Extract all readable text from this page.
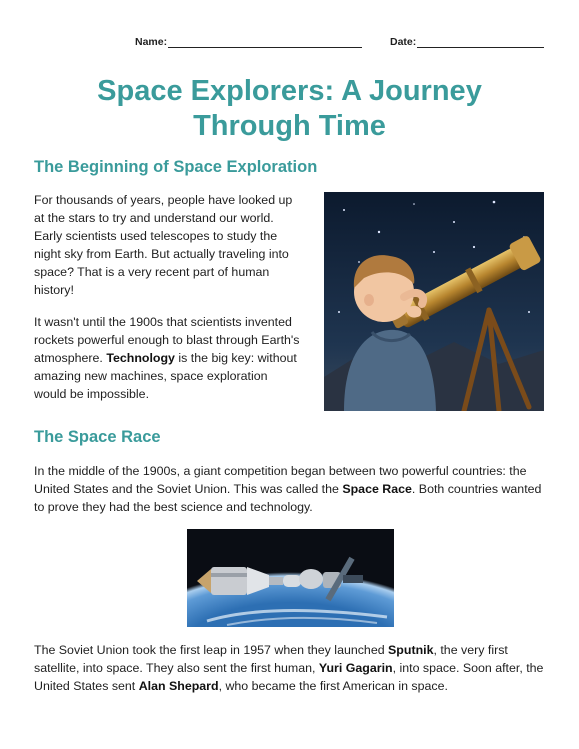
Name:	Date:
Space Explorers: A Journey Through Time
The Beginning of Space Exploration

For thousands of years, people have looked up at the stars to try and understand our world. Early scientists used telescopes to study the night sky from Earth. But actually traveling into space? That is a very recent part of human history!

It wasn't until the 1900s that scientists invented rockets powerful enough to blast through Earth's atmosphere. Technology is the big key: without amazing new machines, space exploration would be impossible.

The Space Race

In the middle of the 1900s, a giant competition began between two powerful countries: the United States and the Soviet Union. This was called the Space Race. Both countries wanted to prove they had the best science and technology.

The Soviet Union took the first leap in 1957 when they launched Sputnik, the very first satellite, into space. They also sent the first human, Yuri Gagarin, into space. Soon after, the United States sent Alan Shepard, who became the first American in space.
